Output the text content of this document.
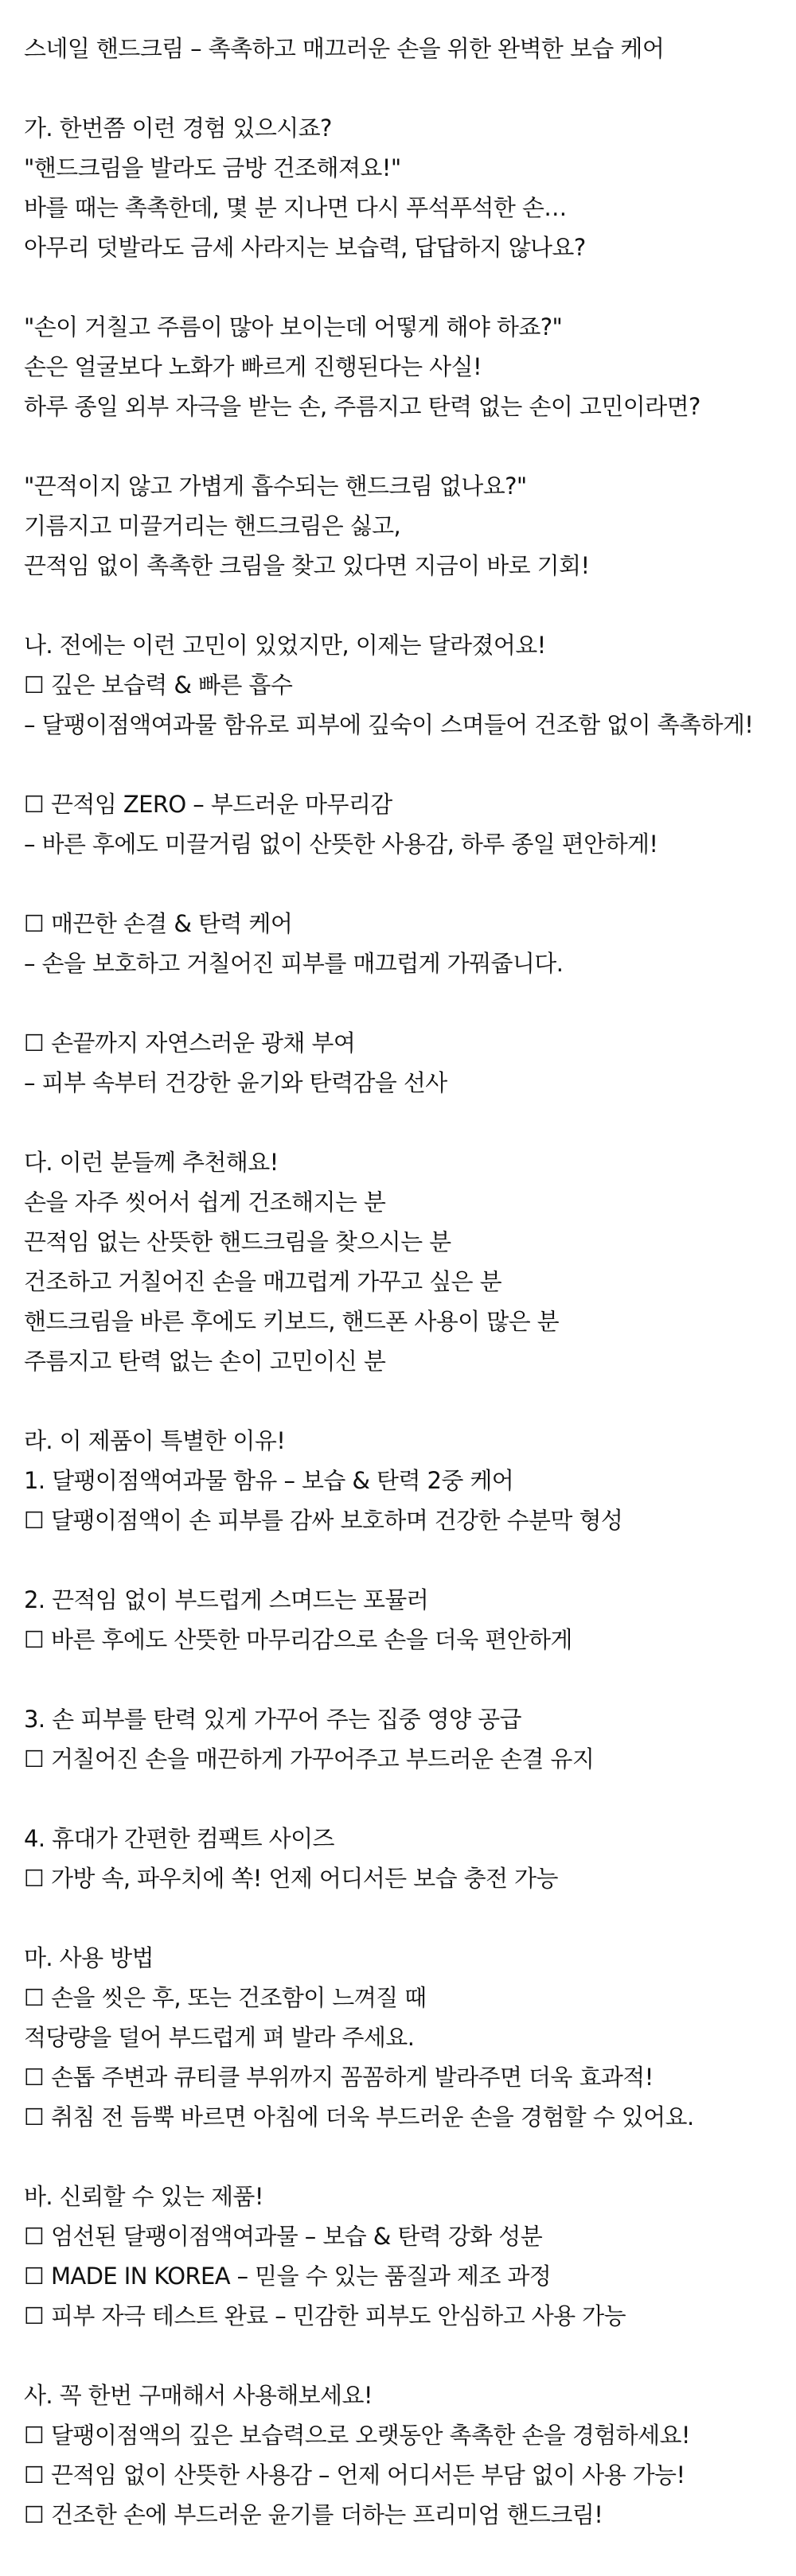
스네일 핸드크림 – 촉촉하고 매끄러운 손을 위한 완벽한 보습 케어
가. 한번쯤 이런 경험 있으시죠?
"핸드크림을 발라도 금방 건조해져요!"
바를 때는 촉촉한데, 몇 분 지나면 다시 푸석푸석한 손…
아무리 덧발라도 금세 사라지는 보습력, 답답하지 않나요?
"손이 거칠고 주름이 많아 보이는데 어떻게 해야 하죠?"
손은 얼굴보다 노화가 빠르게 진행된다는 사실!
하루 종일 외부 자극을 받는 손, 주름지고 탄력 없는 손이 고민이라면?
"끈적이지 않고 가볍게 흡수되는 핸드크림 없나요?"
기름지고 미끌거리는 핸드크림은 싫고,
끈적임 없이 촉촉한 크림을 찾고 있다면 지금이 바로 기회!
나. 전에는 이런 고민이 있었지만, 이제는 달라졌어요!
☐ 깊은 보습력 & 빠른 흡수
– 달팽이점액여과물 함유로 피부에 깊숙이 스며들어 건조함 없이 촉촉하게!
☐ 끈적임 ZERO – 부드러운 마무리감
– 바른 후에도 미끌거림 없이 산뜻한 사용감, 하루 종일 편안하게!
☐ 매끈한 손결 & 탄력 케어
– 손을 보호하고 거칠어진 피부를 매끄럽게 가꿔줍니다.
☐ 손끝까지 자연스러운 광채 부여
– 피부 속부터 건강한 윤기와 탄력감을 선사
다. 이런 분들께 추천해요!
손을 자주 씻어서 쉽게 건조해지는 분
끈적임 없는 산뜻한 핸드크림을 찾으시는 분
건조하고 거칠어진 손을 매끄럽게 가꾸고 싶은 분
핸드크림을 바른 후에도 키보드, 핸드폰 사용이 많은 분
주름지고 탄력 없는 손이 고민이신 분
라. 이 제품이 특별한 이유!
1. 달팽이점액여과물 함유 – 보습 & 탄력 2중 케어
☐ 달팽이점액이 손 피부를 감싸 보호하며 건강한 수분막 형성
2. 끈적임 없이 부드럽게 스며드는 포뮬러
☐ 바른 후에도 산뜻한 마무리감으로 손을 더욱 편안하게
3. 손 피부를 탄력 있게 가꾸어 주는 집중 영양 공급
☐ 거칠어진 손을 매끈하게 가꾸어주고 부드러운 손결 유지
4. 휴대가 간편한 컴팩트 사이즈
☐ 가방 속, 파우치에 쏙! 언제 어디서든 보습 충전 가능
마. 사용 방법
☐ 손을 씻은 후, 또는 건조함이 느껴질 때
적당량을 덜어 부드럽게 펴 발라 주세요.
☐ 손톱 주변과 큐티클 부위까지 꼼꼼하게 발라주면 더욱 효과적!
☐ 취침 전 듬뿍 바르면 아침에 더욱 부드러운 손을 경험할 수 있어요.
바. 신뢰할 수 있는 제품!
☐ 엄선된 달팽이점액여과물 – 보습 & 탄력 강화 성분
☐ MADE IN KOREA – 믿을 수 있는 품질과 제조 과정
☐ 피부 자극 테스트 완료 – 민감한 피부도 안심하고 사용 가능
사. 꼭 한번 구매해서 사용해보세요!
☐ 달팽이점액의 깊은 보습력으로 오랫동안 촉촉한 손을 경험하세요!
☐ 끈적임 없이 산뜻한 사용감 – 언제 어디서든 부담 없이 사용 가능!
☐ 건조한 손에 부드러운 윤기를 더하는 프리미엄 핸드크림!
